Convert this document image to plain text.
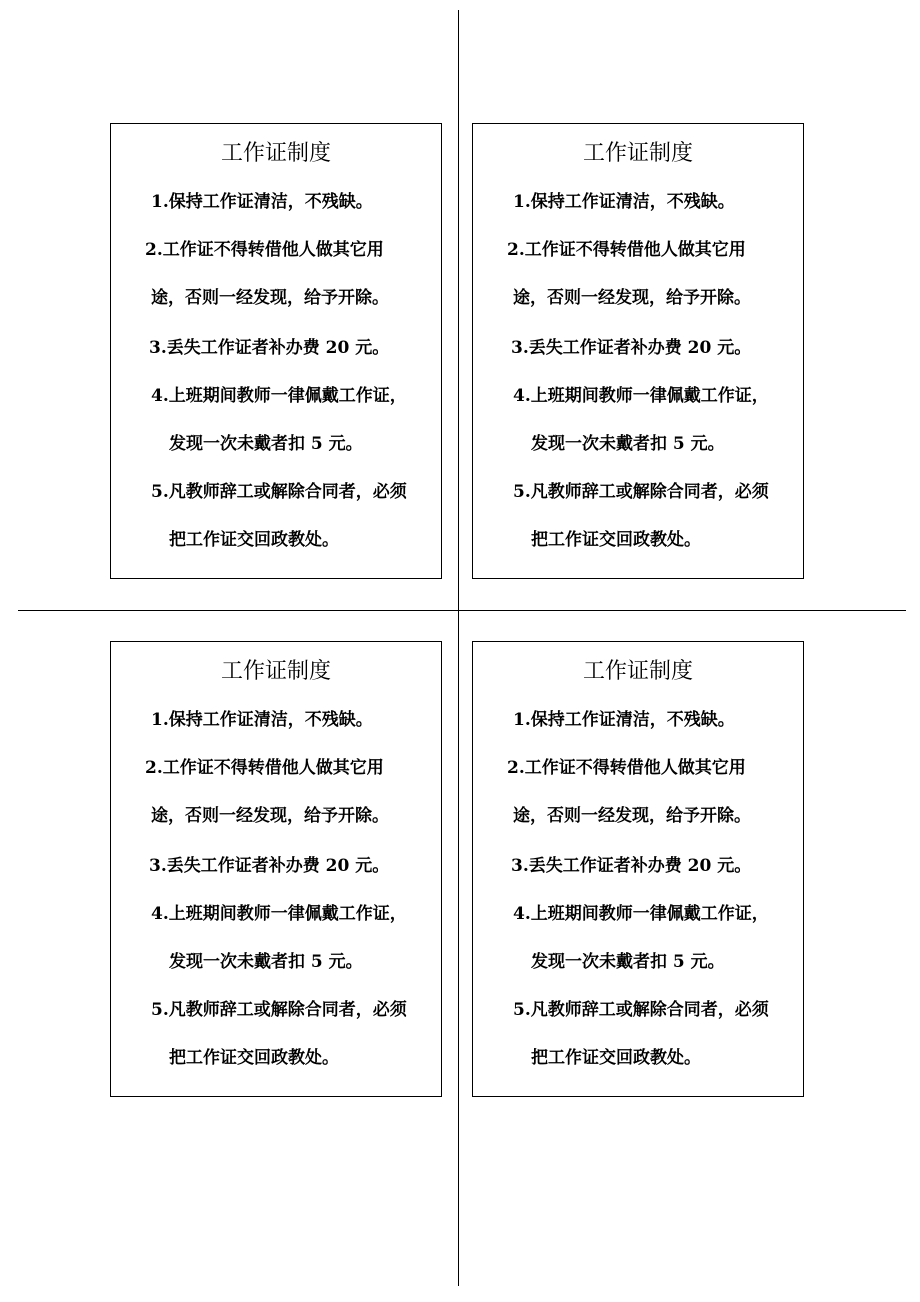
工作证制度
1.保持工作证清洁，不残缺。
2.工作证不得转借他人做其它用
途，否则一经发现，给予开除。
3.丢失工作证者补办费 20 元。
4.上班期间教师一律佩戴工作证，
发现一次未戴者扣 5 元。
5.凡教师辞工或解除合同者，必须
把工作证交回政教处。
工作证制度
1.保持工作证清洁，不残缺。
2.工作证不得转借他人做其它用
途，否则一经发现，给予开除。
3.丢失工作证者补办费 20 元。
4.上班期间教师一律佩戴工作证，
发现一次未戴者扣 5 元。
5.凡教师辞工或解除合同者，必须
把工作证交回政教处。
工作证制度
1.保持工作证清洁，不残缺。
2.工作证不得转借他人做其它用
途，否则一经发现，给予开除。
3.丢失工作证者补办费 20 元。
4.上班期间教师一律佩戴工作证，
发现一次未戴者扣 5 元。
5.凡教师辞工或解除合同者，必须
把工作证交回政教处。
工作证制度
1.保持工作证清洁，不残缺。
2.工作证不得转借他人做其它用
途，否则一经发现，给予开除。
3.丢失工作证者补办费 20 元。
4.上班期间教师一律佩戴工作证，
发现一次未戴者扣 5 元。
5.凡教师辞工或解除合同者，必须
把工作证交回政教处。
